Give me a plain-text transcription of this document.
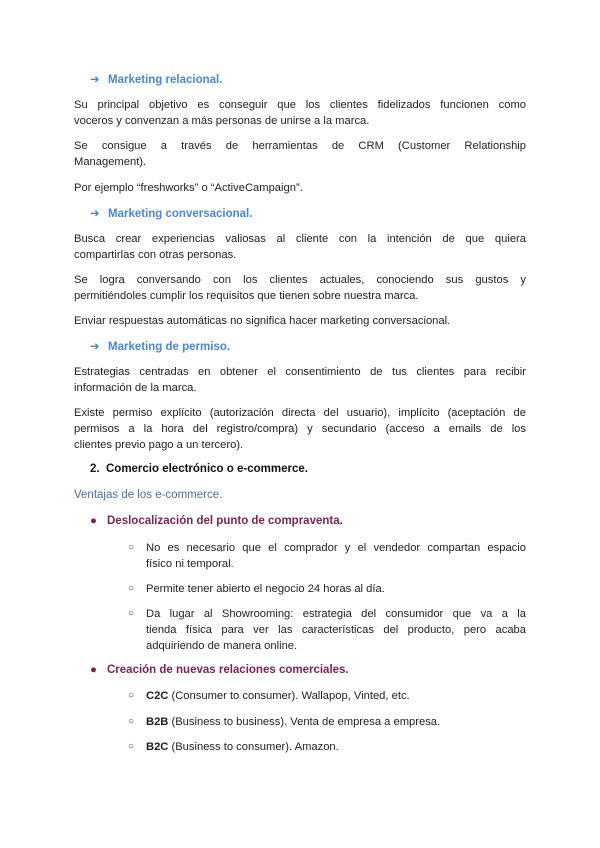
➜ Marketing relacional.
Su principal objetivo es conseguir que los clientes fidelizados funcionen como
voceros y convenzan a más personas de unirse a la marca.
Se consigue a través de herramientas de CRM (Customer Relationship
Management).
Por ejemplo “freshworks” o “ActiveCampaign”.
➜ Marketing conversacional.
Busca crear experiencias valiosas al cliente con la intención de que quiera
compartirlas con otras personas.
Se logra conversando con los clientes actuales, conociendo sus gustos y
permitiéndoles cumplir los requisitos que tienen sobre nuestra marca.
Enviar respuestas automáticas no significa hacer marketing conversacional.
➜ Marketing de permiso.
Estrategias centradas en obtener el consentimiento de tus clientes para recibir
información de la marca.
Existe permiso explícito (autorización directa del usuario), implícito (aceptación de
permisos a la hora del registro/compra) y secundario (acceso a emails de los
clientes previo pago a un tercero).
2. Comercio electrónico o e-commerce.
Ventajas de los e-commerce.
● Deslocalización del punto de compraventa.
○ No es necesario que el comprador y el vendedor compartan espacio
físico ni temporal.
○ Permite tener abierto el negocio 24 horas al día.
○ Da lugar al Showrooming: estrategia del consumidor que va a la
tienda física para ver las características del producto, pero acaba
adquiriendo de manera online.
● Creación de nuevas relaciones comerciales.
○ C2C (Consumer to consumer). Wallapop, Vinted, etc.
○ B2B (Business to business). Venta de empresa a empresa.
○ B2C (Business to consumer). Amazon.
